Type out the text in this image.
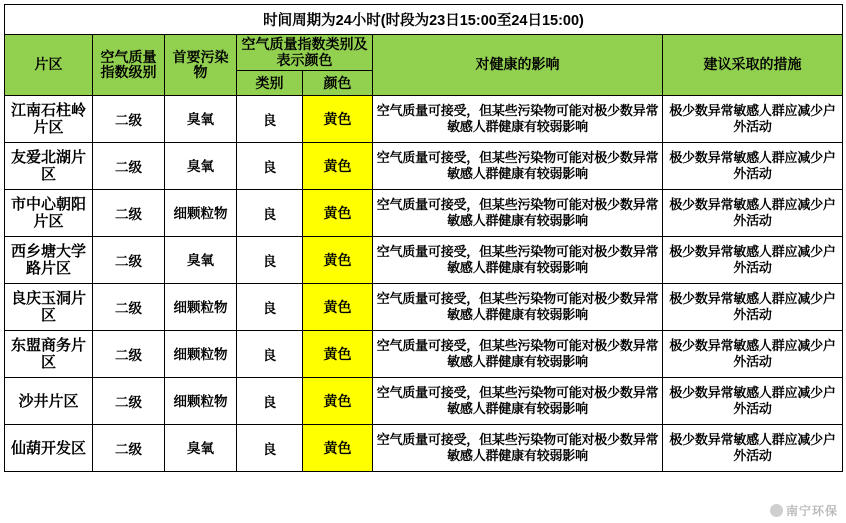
时间周期为24小时(时段为23日15:00至24日15:00)						
片区	空气质量指数级别	首要污染物	空气质量指数类别及表示颜色		对健康的影响	建议采取的措施
			类别	颜色		
江南石柱岭片区	二级	臭氧	良	黄色	空气质量可接受，但某些污染物可能对极少数异常敏感人群健康有较弱影响	极少数异常敏感人群应减少户外活动
友爱北湖片区	二级	臭氧	良	黄色	空气质量可接受，但某些污染物可能对极少数异常敏感人群健康有较弱影响	极少数异常敏感人群应减少户外活动
市中心朝阳片区	二级	细颗粒物	良	黄色	空气质量可接受，但某些污染物可能对极少数异常敏感人群健康有较弱影响	极少数异常敏感人群应减少户外活动
西乡塘大学路片区	二级	臭氧	良	黄色	空气质量可接受，但某些污染物可能对极少数异常敏感人群健康有较弱影响	极少数异常敏感人群应减少户外活动
良庆玉洞片区	二级	细颗粒物	良	黄色	空气质量可接受，但某些污染物可能对极少数异常敏感人群健康有较弱影响	极少数异常敏感人群应减少户外活动
东盟商务片区	二级	细颗粒物	良	黄色	空气质量可接受，但某些污染物可能对极少数异常敏感人群健康有较弱影响	极少数异常敏感人群应减少户外活动
沙井片区	二级	细颗粒物	良	黄色	空气质量可接受，但某些污染物可能对极少数异常敏感人群健康有较弱影响	极少数异常敏感人群应减少户外活动
仙葫开发区	二级	臭氧	良	黄色	空气质量可接受，但某些污染物可能对极少数异常敏感人群健康有较弱影响	极少数异常敏感人群应减少户外活动
南宁环保
